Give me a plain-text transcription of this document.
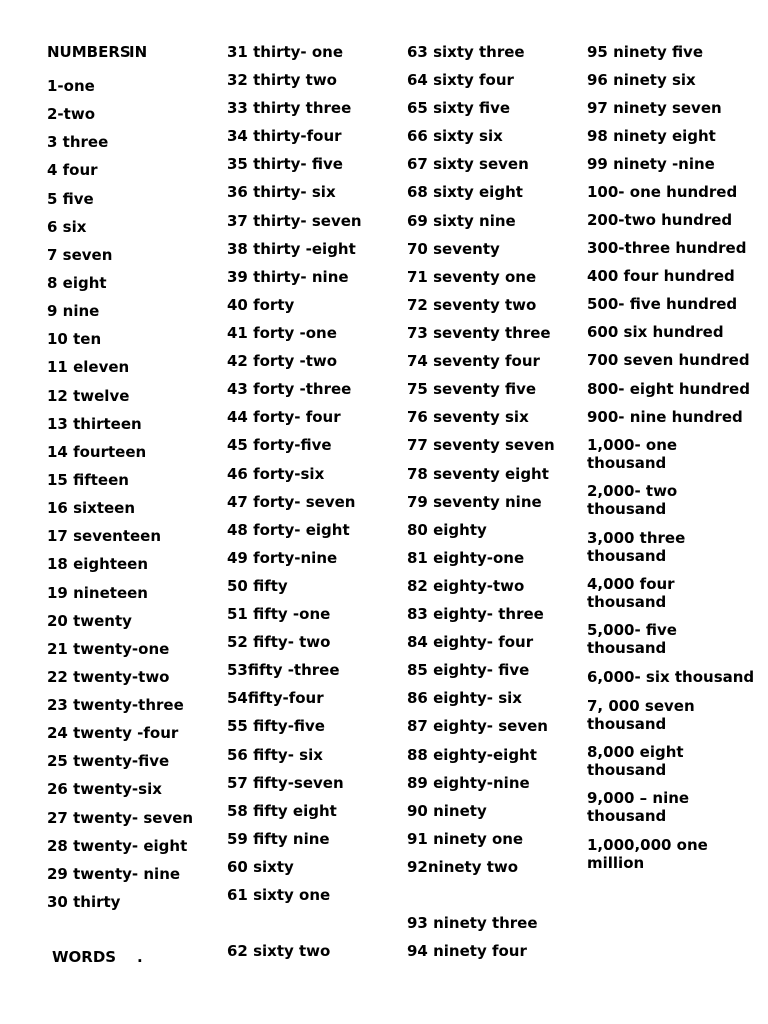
NUMBERS
IN
WORDS    .
1-one
2-two
3 three
4 four
5 five
6 six
7 seven
8 eight
9 nine
10 ten
11 eleven
12 twelve
13 thirteen
14 fourteen
15 fifteen
16 sixteen
17 seventeen
18 eighteen
19 nineteen
20 twenty
21 twenty-one
22 twenty-two
23 twenty-three
24 twenty -four
25 twenty-five
26 twenty-six
27 twenty- seven
28 twenty- eight
29 twenty- nine
30 thirty
31 thirty- one
32 thirty two
33 thirty three
34 thirty-four
35 thirty- five
36 thirty- six
37 thirty- seven
38 thirty -eight
39 thirty- nine
40 forty
41 forty -one
42 forty -two
43 forty -three
44 forty- four
45 forty-five
46 forty-six
47 forty- seven
48 forty- eight
49 forty-nine
50 fifty
51 fifty -one
52 fifty- two
53fifty -three
54fifty-four
55 fifty-five
56 fifty- six
57 fifty-seven
58 fifty eight
59 fifty nine
60 sixty
61 sixty one
62 sixty two
63 sixty three
64 sixty four
65 sixty five
66 sixty six
67 sixty seven
68 sixty eight
69 sixty nine
70 seventy
71 seventy one
72 seventy two
73 seventy three
74 seventy four
75 seventy five
76 seventy six
77 seventy seven
78 seventy eight
79 seventy nine
80 eighty
81 eighty-one
82 eighty-two
83 eighty- three
84 eighty- four
85 eighty- five
86 eighty- six
87 eighty- seven
88 eighty-eight
89 eighty-nine
90 ninety
91 ninety one
92ninety two
93 ninety three
94 ninety four
95 ninety five
96 ninety six
97 ninety seven
98 ninety eight
99 ninety -nine
100- one hundred
200-two hundred
300-three hundred
400 four hundred
500- five hundred
600 six hundred
700 seven hundred
800- eight hundred
900- nine hundred
1,000- one thousand
2,000- two thousand
3,000 three thousand
4,000 four thousand
5,000- five thousand
6,000- six thousand
7, 000 seven thousand
8,000 eight thousand
9,000 – nine thousand
1,000,000 one million
